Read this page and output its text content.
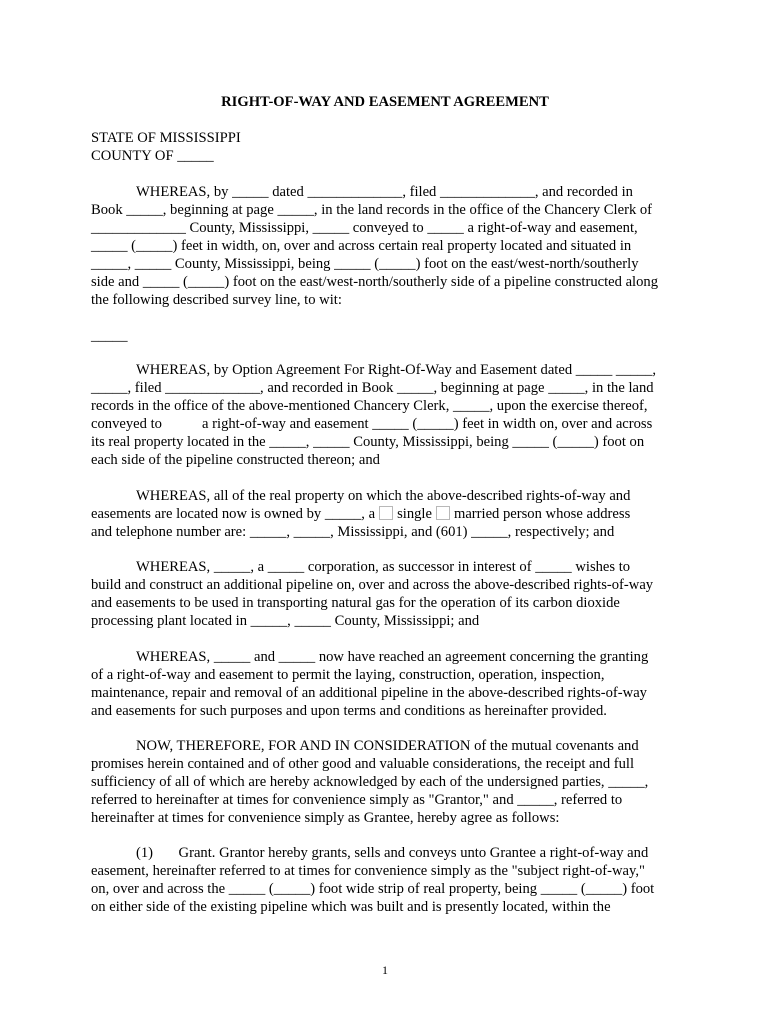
RIGHT-OF-WAY AND EASEMENT AGREEMENT
STATE OF MISSISSIPPI
COUNTY OF _____
WHEREAS, by _____ dated _____________, filed _____________, and recorded in
Book _____, beginning at page _____, in the land records in the office of the Chancery Clerk of
_____________ County, Mississippi, _____ conveyed to _____ a right-of-way and easement,
_____ (_____) feet in width, on, over and across certain real property located and situated in
_____, _____ County, Mississippi, being _____ (_____) foot on the east/west-north/southerly
side and _____ (_____) foot on the east/west-north/southerly side of a pipeline constructed along
the following described survey line, to wit:
_____
WHEREAS, by Option Agreement For Right-Of-Way and Easement dated _____ _____,
_____, filed _____________, and recorded in Book _____, beginning at page _____, in the land
records in the office of the above-mentioned Chancery Clerk, _____, upon the exercise thereof,
conveyed to           a right-of-way and easement _____ (_____) feet in width on, over and across
its real property located in the _____, _____ County, Mississippi, being _____ (_____) foot on
each side of the pipeline constructed thereon; and
WHEREAS, all of the real property on which the above-described rights-of-way and
easements are located now is owned by _____, a single married person whose address
and telephone number are: _____, _____, Mississippi, and (601) _____, respectively; and
WHEREAS, _____, a _____ corporation, as successor in interest of _____ wishes to
build and construct an additional pipeline on, over and across the above-described rights-of-way
and easements to be used in transporting natural gas for the operation of its carbon dioxide
processing plant located in _____, _____ County, Mississippi; and
WHEREAS, _____ and _____ now have reached an agreement concerning the granting
of a right-of-way and easement to permit the laying, construction, operation, inspection,
maintenance, repair and removal of an additional pipeline in the above-described rights-of-way
and easements for such purposes and upon terms and conditions as hereinafter provided.
NOW, THEREFORE, FOR AND IN CONSIDERATION of the mutual covenants and
promises herein contained and of other good and valuable considerations, the receipt and full
sufficiency of all of which are hereby acknowledged by each of the undersigned parties, _____,
referred to hereinafter at times for convenience simply as "Grantor," and _____, referred to
hereinafter at times for convenience simply as Grantee, hereby agree as follows:
(1)       Grant. Grantor hereby grants, sells and conveys unto Grantee a right-of-way and
easement, hereinafter referred to at times for convenience simply as the "subject right-of-way,"
on, over and across the _____ (_____) foot wide strip of real property, being _____ (_____) foot
on either side of the existing pipeline which was built and is presently located, within the
1
